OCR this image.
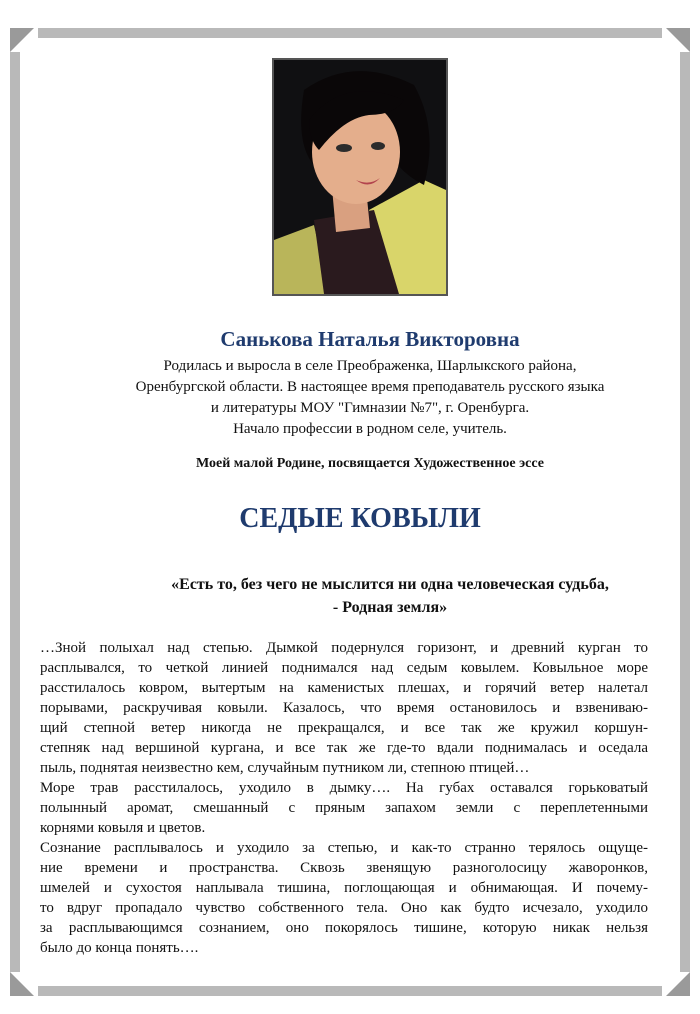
Санькова Наталья Викторовна
Родилась и выросла в селе Преображенка, Шарлыкского района,
Оренбургской области. В настоящее время преподаватель русского языка
и литературы МОУ "Гимназии №7", г. Оренбурга.
Начало профессии в родном селе, учитель.
Моей малой Родине, посвящается Художественное эссе
СЕДЫЕ КОВЫЛИ
«Есть то, без чего не мыслится ни одна человеческая судьба,
- Родная земля»
…Зной полыхал над степью. Дымкой подернулся горизонт, и древний курган то
расплывался, то четкой линией поднимался над седым ковылем. Ковыльное море
расстилалось ковром, вытертым на каменистых плешах, и горячий ветер налетал
порывами, раскручивая ковыли. Казалось, что время остановилось и взвениваю-
щий степной ветер никогда не прекращался, и все так же кружил коршун-
степняк над вершиной кургана, и все так же где-то вдали поднималась и оседала
пыль, поднятая неизвестно кем, случайным путником ли, степною птицей…
Море трав расстилалось, уходило в дымку…. На губах оставался горьковатый
полынный аромат, смешанный с пряным запахом земли с переплетенными
корнями ковыля и цветов.
Сознание расплывалось и уходило за степью, и как-то странно терялось ощуще-
ние времени и пространства. Сквозь звенящую разноголосицу жаворонков,
шмелей и сухостоя наплывала тишина, поглощающая и обнимающая. И почему-
то вдруг пропадало чувство собственного тела. Оно как будто исчезало, уходило
за расплывающимся сознанием, оно покорялось тишине, которую никак нельзя
было до конца понять….
